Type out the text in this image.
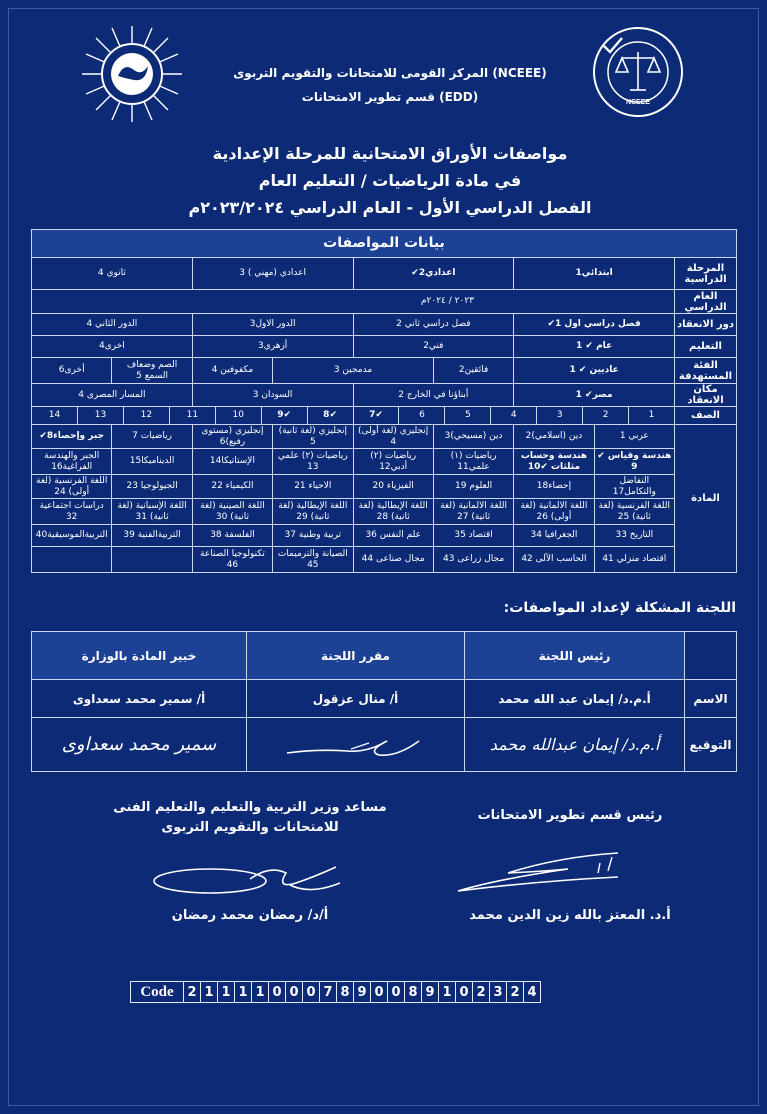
NCEEE
المركز القومى للامتحانات والتقويم التربوى (NCEEE)
قسم تطوير الامتحانات (EDD)
مواصفات الأوراق الامتحانية للمرحلة الإعدادية
في مادة الرياضيات / التعليم العام
الفصل الدراسي الأول - العام الدراسي ٢٠٢٣/٢٠٢٤م
بيانات المواصفات							
المرحلة الدراسية	ابتدائي1	اعدادي2✔		اعدادي (مهني ) 3		ثانوي 4	
العام الدراسي	٢٠٢٣ / ٢٠٢٤م						
دور الانعقاد	فصل دراسي اول 1✔	فصل دراسي ثاني 2		الدور الاول3		الدور الثاني 4	
التعليم	عام ✔ 1	فني2		أزهري3		اخرى4	
الفئة المستهدفة	عاديين ✔ 1	فائقين2	مدمجين 3		مكفوفين 4	الصم وضعاف السمع 5	أخرى6
مكان الانعقاد	مصر✔ 1	أبناؤنا في الخارج 2		السودان 3		المسار المصرى 4	
الصف	1	2	3	4	5	6	✔7	✔8	✔9	10	11	12	13	14
المادة	عربي 1	دين (اسلامي)2	دين (مسيحي)3	إنجليزي (لغة أولى) 4	إنجليزي (لغة ثانية) 5	إنجليزي (مستوى رفيع)6	رياضيات 7	جبر وإحصاء8✔
	هندسة وقياس ✔ 9	هندسة وحساب مثلثات ✔10	رياضيات (١) علمي11	رياضيات (٢) أدبي12	رياضيات (٢) علمي 13	الإستاتيكا14	الديناميكا15	الجبر والهندسة الفراغية16
	التفاضل والتكامل17	إحصاء18	العلوم 19	الفيزياء 20	الاحياء 21	الكيمياء 22	الجيولوجيا 23	اللغة الفرنسية (لغة أولى) 24
	اللغة الفرنسية (لغة ثانية) 25	اللغة الالمانية (لغة أولى) 26	اللغة الالمانية (لغة ثانية) 27	اللغة الإيطالية (لغة ثانية) 28	اللغة الإيطالية (لغة ثانية) 29	اللغة الصينية (لغة ثانية) 30	اللغة الإسبانية (لغة ثانية) 31	دراسات اجتماعية 32
	التاريخ 33	الجغرافيا 34	اقتصاد 35	علم النفس 36	تربية وطنية 37	الفلسفة 38	التربيةالفنية 39	التربيةالموسيقية40
	اقتصاد منزلي 41	الحاسب الآلى 42	مجال زراعى 43	مجال صناعى 44	الصيانة والترميمات 45	تكنولوجيا الصناعة 46		
اللجنة المشكلة لإعداد المواصفات:
	رئيس اللجنة	مقرر اللجنة	خبير المادة بالوزارة
الاسم	أ.م.د/ إيمان عبد الله محمد	أ/ منال عزقول	أ/ سمير محمد سعداوى
التوقيع	أ.م.د/ إيمان عبدالله محمد		سمير محمد سعداوى
رئيس قسم تطوير الامتحانات
أ.د. المعتز بالله زين الدين محمد
مساعد وزير التربية والتعليم والتعليم الفنى
للامتحانات والتقويم التربوى
أ/د/ رمضان محمد رمضان
Code	2	1	1	1	1	0	0	0	7	8	9	0	0	8	9	1	0	2	3	2	4
